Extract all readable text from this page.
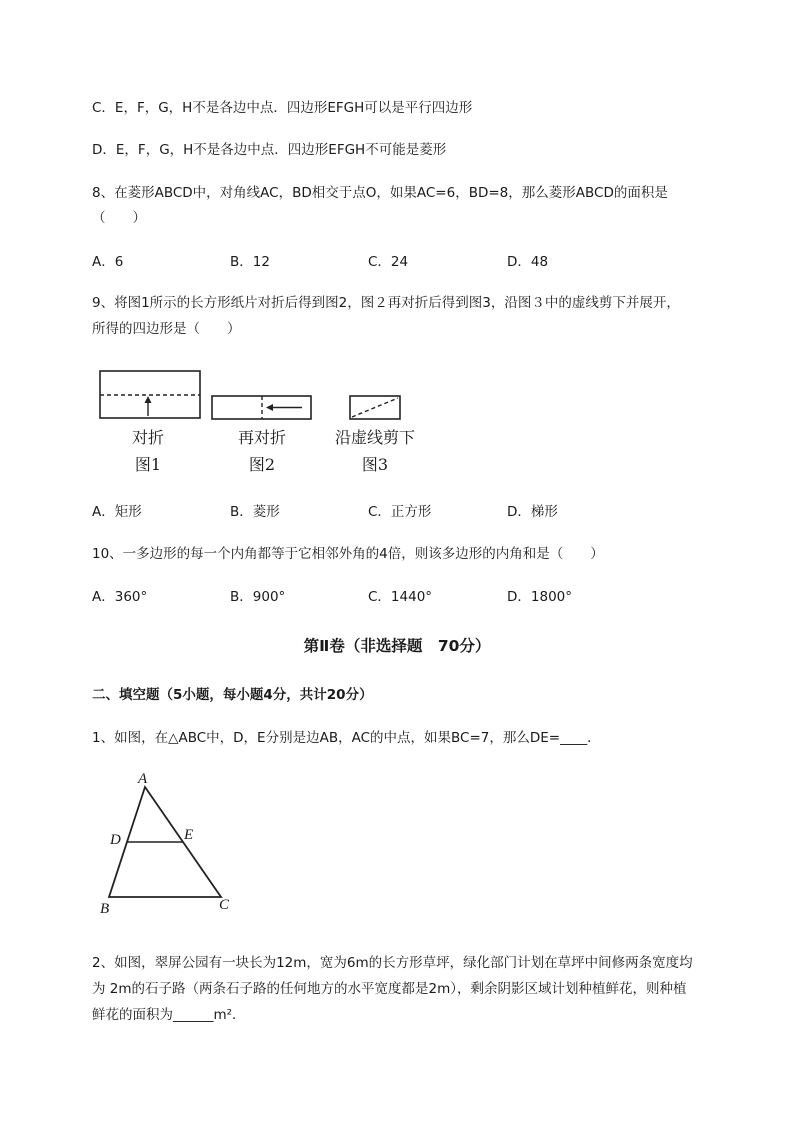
C．E，F，G，H不是各边中点．四边形EFGH可以是平行四边形
D．E，F，G，H不是各边中点．四边形EFGH不可能是菱形
8、在菱形ABCD中，对角线AC，BD相交于点O，如果AC=6，BD=8，那么菱形ABCD的面积是
（　　）
A．6	B．12	C．24	D．48
9、将图1所示的长方形纸片对折后得到图2，图２再对折后得到图3，沿图３中的虚线剪下并展开，
所得的四边形是（　　）
对折
图1
再对折
图2
沿虚线剪下
图3
A．矩形	B．菱形	C．正方形	D．梯形
10、一多边形的每一个内角都等于它相邻外角的4倍，则该多边形的内角和是（　　）
A．360°	B．900°	C．1440°	D．1800°
第Ⅱ卷（非选择题　70分）
二、填空题（5小题，每小题4分，共计20分）
1、如图，在△ABC中，D，E分别是边AB，AC的中点，如果BC=7，那么DE=____．
A
D	E
B	C
2、如图，翠屏公园有一块长为12m，宽为6m的长方形草坪，绿化部门计划在草坪中间修两条宽度均
为 2m的石子路（两条石子路的任何地方的水平宽度都是2m），剩余阴影区域计划种植鲜花，则种植
鲜花的面积为______m²．
